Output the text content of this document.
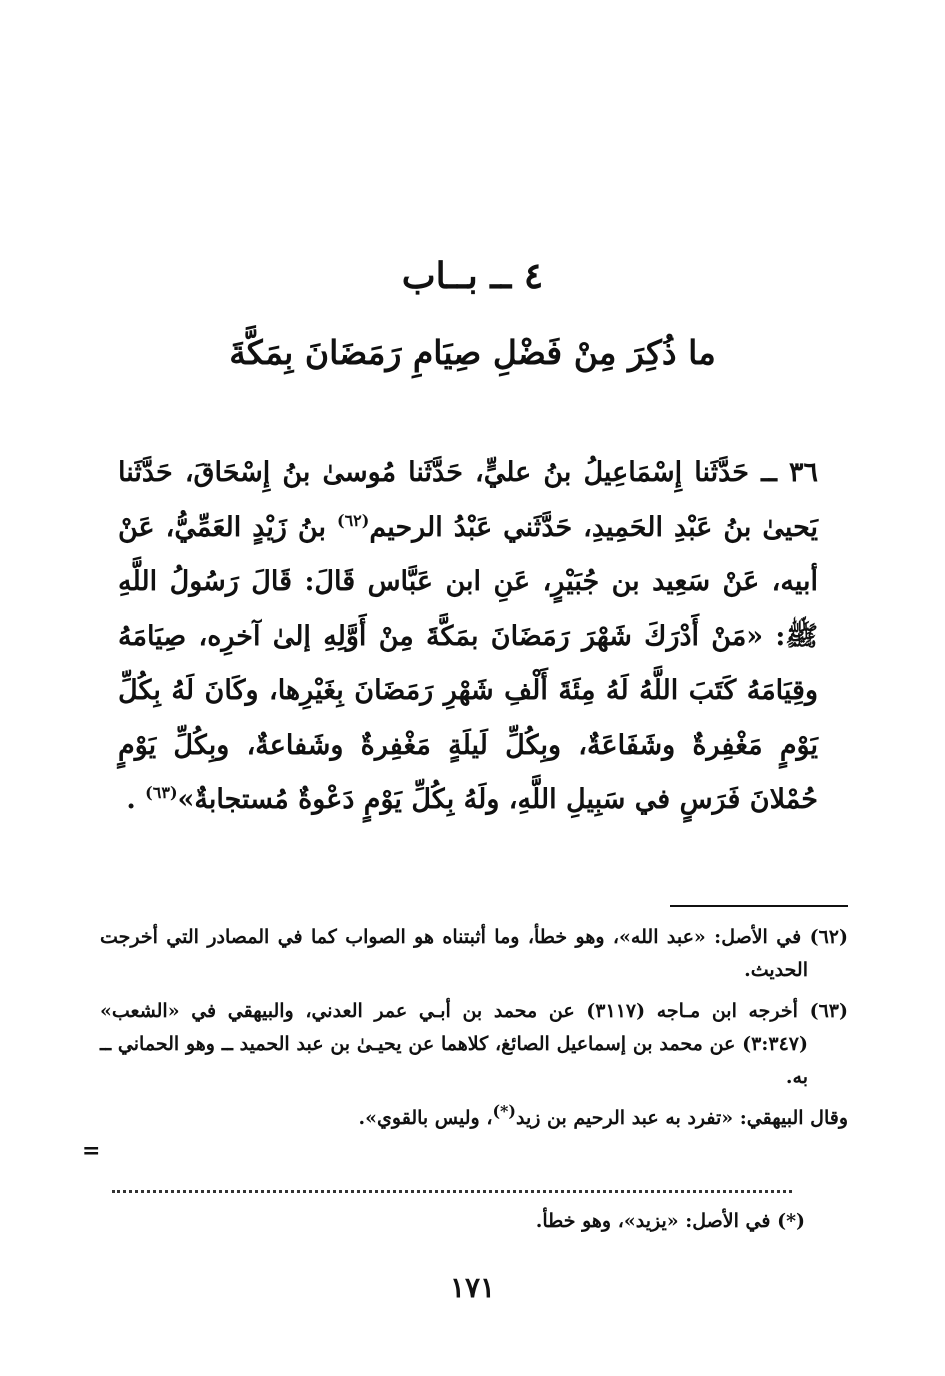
٤ ــ بــاب
ما ذُكِرَ مِنْ فَضْلِ صِيَامِ رَمَضَانَ بِمَكَّةَ

٣٦ ــ حَدَّثَنا إِسْمَاعِيلُ بنُ عليٍّ، حَدَّثَنا مُوسىٰ بنُ إِسْحَاقَ، حَدَّثَنا يَحيىٰ بنُ عَبْدِ الحَمِيدِ، حَدَّثَني عَبْدُ الرحيم$^{(٦٢)}$ بنُ زَيْدٍ العَمِّيُّ، عَنْ أبيه، عَنْ سَعِيد بن جُبَيْرٍ، عَنِ ابن عَبَّاس قَالَ: قَالَ رَسُولُ اللَّهِ ﷺ: «مَنْ أَدْرَكَ شَهْرَ رَمَضَانَ بمَكَّةَ مِنْ أَوَّلِهِ إلىٰ آخرِه، صِيَامَهُ وقِيَامَهُ كَتَبَ اللَّهُ لَهُ مِئَةَ أَلْفِ شَهْرِ رَمَضَانَ بِغَيْرِها، وكَانَ لَهُ بِكُلِّ يَوْمٍ مَغْفِرةٌ وشَفَاعَةٌ، وبِكُلِّ لَيلَةٍ مَغْفِرةٌ وشَفاعةٌ، وبِكُلِّ يَوْمٍ حُمْلانَ فَرَسٍ في سَبِيلِ اللَّهِ، ولَهُ بِكُلِّ يَوْمٍ دَعْوةٌ مُستجابةٌ»$^{(٦٣)}$ .

(٦٢) في الأصل: «عبد الله»، وهو خطأ، وما أثبتناه هو الصواب كما في المصادر التي أخرجت الحديث.

(٦٣) أخرجه ابن مـاجه (٣١١٧) عن محمد بن أبـي عمر العدني، والبيهقي في «الشعب» (٣:٣٤٧) عن محمد بن إسماعيل الصائغ، كلاهما عن يحيـىٰ بن عبد الحميد ــ وهو الحماني ــ به.

وقال البيهقي: «تفرد به عبد الرحيم بن زيد(*)، وليس بالقوي».

=

(*) في الأصل: «يزيد»، وهو خطأ.

١٧١
